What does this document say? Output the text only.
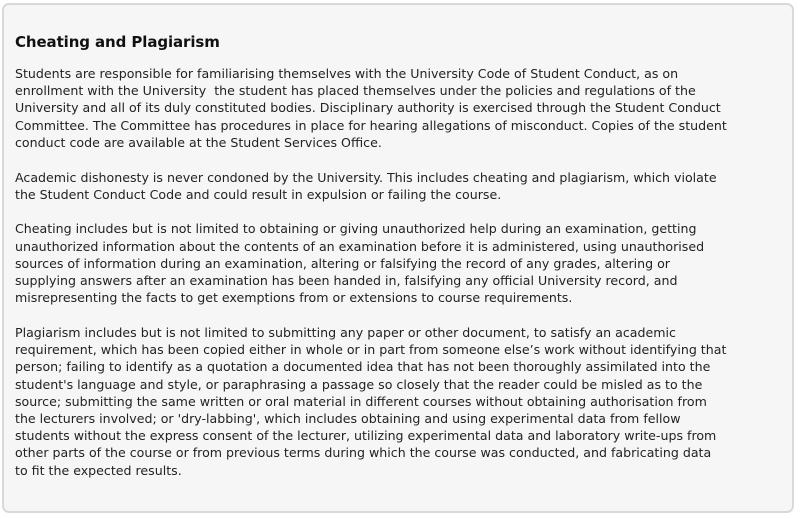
Cheating and Plagiarism

Students are responsible for familiarising themselves with the University Code of Student Conduct, as on
enrollment with the University  the student has placed themselves under the policies and regulations of the
University and all of its duly constituted bodies. Disciplinary authority is exercised through the Student Conduct
Committee. The Committee has procedures in place for hearing allegations of misconduct. Copies of the student
conduct code are available at the Student Services Office.

Academic dishonesty is never condoned by the University. This includes cheating and plagiarism, which violate
the Student Conduct Code and could result in expulsion or failing the course.

Cheating includes but is not limited to obtaining or giving unauthorized help during an examination, getting
unauthorized information about the contents of an examination before it is administered, using unauthorised
sources of information during an examination, altering or falsifying the record of any grades, altering or
supplying answers after an examination has been handed in, falsifying any official University record, and
misrepresenting the facts to get exemptions from or extensions to course requirements.

Plagiarism includes but is not limited to submitting any paper or other document, to satisfy an academic
requirement, which has been copied either in whole or in part from someone else’s work without identifying that
person; failing to identify as a quotation a documented idea that has not been thoroughly assimilated into the
student's language and style, or paraphrasing a passage so closely that the reader could be misled as to the
source; submitting the same written or oral material in different courses without obtaining authorisation from
the lecturers involved; or 'dry-labbing', which includes obtaining and using experimental data from fellow
students without the express consent of the lecturer, utilizing experimental data and laboratory write-ups from
other parts of the course or from previous terms during which the course was conducted, and fabricating data
to fit the expected results.
